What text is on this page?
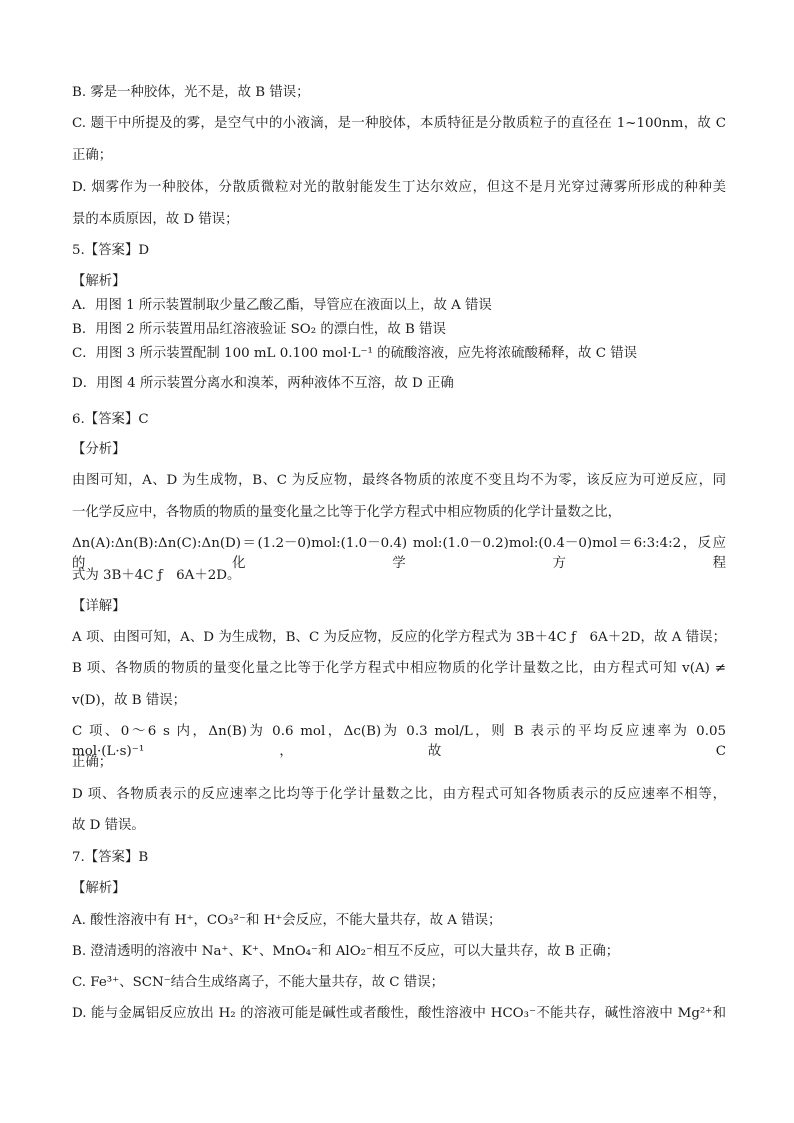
B. 雾是一种胶体，光不是，故 B 错误；
C. 题干中所提及的雾，是空气中的小液滴，是一种胶体，本质特征是分散质粒子的直径在 1~100nm，故 C
正确；
D. 烟雾作为一种胶体，分散质微粒对光的散射能发生丁达尔效应，但这不是月光穿过薄雾所形成的种种美
景的本质原因，故 D 错误；
5.【答案】D
【解析】
A．用图 1 所示装置制取少量乙酸乙酯，导管应在液面以上，故 A 错误
B．用图 2 所示装置用品红溶液验证 SO₂ 的漂白性，故 B 错误
C．用图 3 所示装置配制 100 mL 0.100 mol·L⁻¹ 的硫酸溶液，应先将浓硫酸稀释，故 C 错误
D．用图 4 所示装置分离水和溴苯，两种液体不互溶，故 D 正确
6.【答案】C
【分析】
由图可知，A、D 为生成物，B、C 为反应物，最终各物质的浓度不变且均不为零，该反应为可逆反应，同
一化学反应中，各物质的物质的量变化量之比等于化学方程式中相应物质的化学计量数之比，
Δn(A):Δn(B):Δn(C):Δn(D)＝(1.2－0)mol:(1.0－0.4) mol:(1.0－0.2)mol:(0.4－0)mol＝6:3:4:2，反应的化学方程
式为 3B＋4C ƒ　6A＋2D。
【详解】
A 项、由图可知，A、D 为生成物，B、C 为反应物，反应的化学方程式为 3B＋4C ƒ　6A＋2D，故 A 错误；
B 项、各物质的物质的量变化量之比等于化学方程式中相应物质的化学计量数之比，由方程式可知 v(A) ≠
v(D)，故 B 错误；
C 项、0～6 s 内，Δn(B)为 0.6 mol，Δc(B)为 0.3 mol/L，则 B 表示的平均反应速率为 0.05 mol·(L·s)⁻¹，故 C
正确；
D 项、各物质表示的反应速率之比均等于化学计量数之比，由方程式可知各物质表示的反应速率不相等，
故 D 错误。
7.【答案】B
【解析】
A. 酸性溶液中有 H⁺，CO₃²⁻和 H⁺会反应，不能大量共存，故 A 错误；
B. 澄清透明的溶液中 Na⁺、K⁺、MnO₄⁻和 AlO₂⁻相互不反应，可以大量共存，故 B 正确；
C. Fe³⁺、SCN⁻结合生成络离子，不能大量共存，故 C 错误；
D. 能与金属铝反应放出 H₂ 的溶液可能是碱性或者酸性，酸性溶液中 HCO₃⁻不能共存，碱性溶液中 Mg²⁺和
